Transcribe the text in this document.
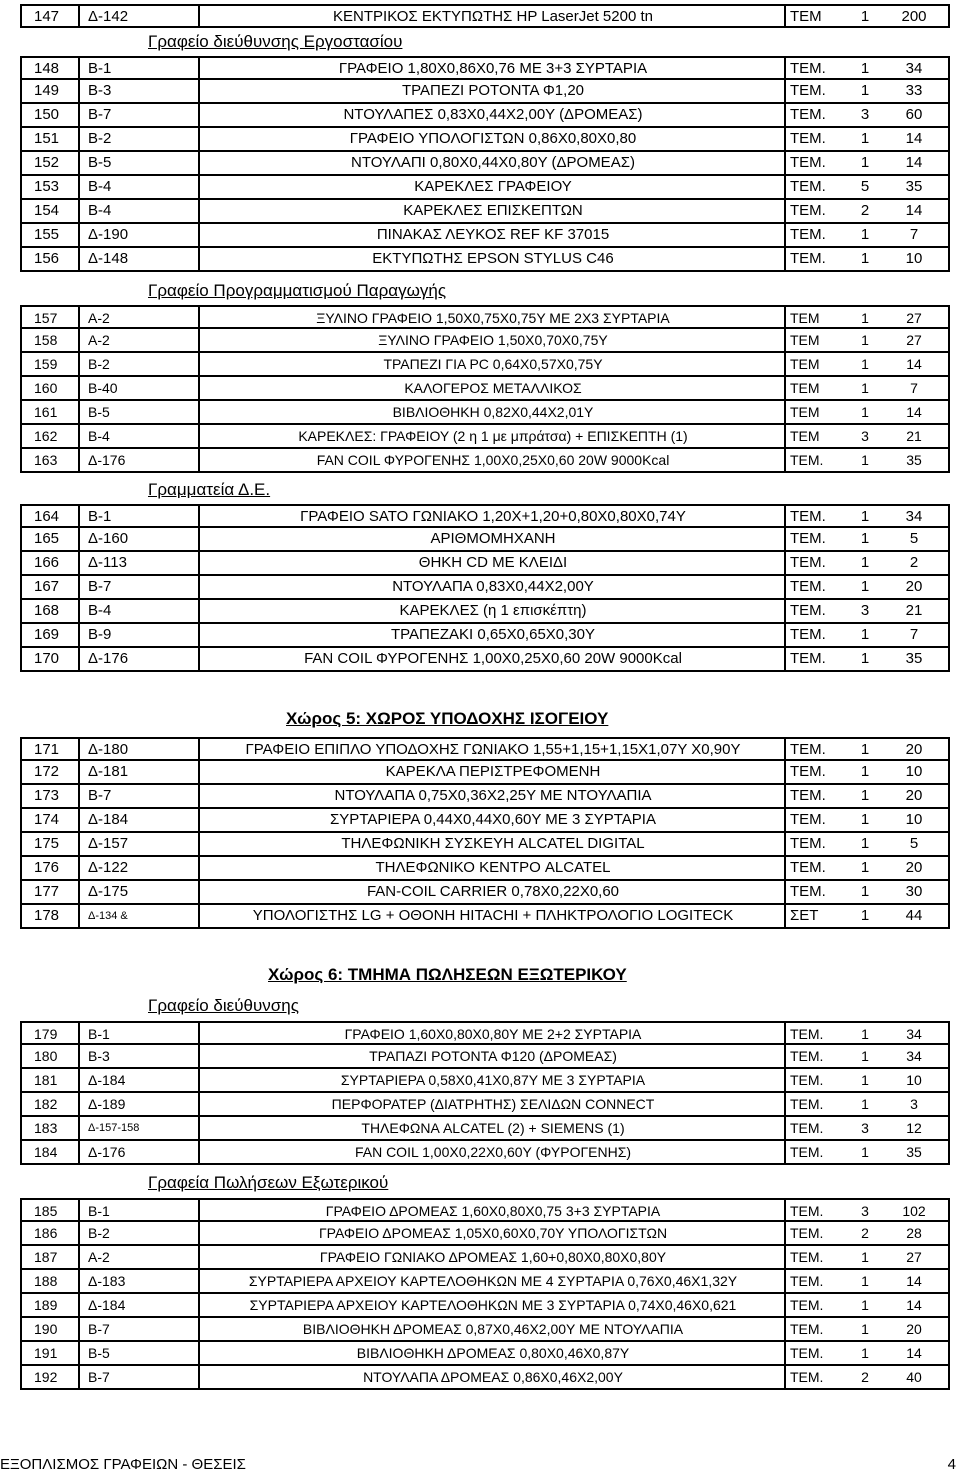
147	Δ-142	ΚΕΝΤΡΙΚΟΣ ΕΚΤΥΠΩΤΗΣ HP LaserJet 5200 tn	ΤΕΜ	1	200
Γραφείο διεύθυνσης Εργοστασίου
148	Β-1	ΓΡΑΦΕΙΟ 1,80Χ0,86Χ0,76 ΜΕ 3+3 ΣΥΡΤΑΡΙΑ	ΤΕΜ.	1	34
149	Β-3	ΤΡΑΠΕΖΙ ΡΟΤΟΝΤΑ Φ1,20	ΤΕΜ.	1	33
150	Β-7	ΝΤΟΥΛΑΠΕΣ 0,83Χ0,44Χ2,00Υ (ΔΡΟΜΕΑΣ)	ΤΕΜ.	3	60
151	Β-2	ΓΡΑΦΕΙΟ ΥΠΟΛΟΓΙΣΤΩΝ 0,86Χ0,80Χ0,80	ΤΕΜ.	1	14
152	Β-5	ΝΤΟΥΛΑΠΙ 0,80Χ0,44Χ0,80Υ (ΔΡΟΜΕΑΣ)	ΤΕΜ.	1	14
153	Β-4	ΚΑΡΕΚΛΕΣ ΓΡΑΦΕΙΟΥ	ΤΕΜ.	5	35
154	Β-4	ΚΑΡΕΚΛΕΣ ΕΠΙΣΚΕΠΤΩΝ	ΤΕΜ.	2	14
155	Δ-190	ΠΙΝΑΚΑΣ ΛΕΥΚΟΣ REF KF 37015	ΤΕΜ.	1	7
156	Δ-148	ΕΚΤΥΠΩΤΗΣ EPSON STYLUS C46	ΤΕΜ.	1	10
Γραφείο Προγραμματισμού Παραγωγής
157	Α-2	ΞΥΛΙΝΟ ΓΡΑΦΕΙΟ 1,50Χ0,75Χ0,75Υ ΜΕ 2Χ3 ΣΥΡΤΑΡΙΑ	ΤΕΜ	1	27
158	Α-2	ΞΥΛΙΝΟ ΓΡΑΦΕΙΟ 1,50Χ0,70Χ0,75Υ	ΤΕΜ	1	27
159	Β-2	ΤΡΑΠΕΖΙ ΓΙΑ PC 0,64Χ0,57Χ0,75Υ	ΤΕΜ	1	14
160	Β-40	ΚΑΛΟΓΕΡΟΣ ΜΕΤΑΛΛΙΚΟΣ	ΤΕΜ	1	7
161	Β-5	ΒΙΒΛΙΟΘΗΚΗ 0,82Χ0,44Χ2,01Υ	ΤΕΜ	1	14
162	Β-4	ΚΑΡΕΚΛΕΣ: ΓΡΑΦΕΙΟΥ (2 η 1 με μπράτσα) + ΕΠΙΣΚΕΠΤΗ (1)	ΤΕΜ	3	21
163	Δ-176	FAN COIL ΦΥΡΟΓΕΝΗΣ 1,00Χ0,25Χ0,60 20W 9000Kcal	ΤΕΜ.	1	35
Γραμματεία Δ.Ε.
164	Β-1	ΓΡΑΦΕΙΟ SATO ΓΩΝΙΑΚΟ 1,20Χ+1,20+0,80Χ0,80Χ0,74Υ	ΤΕΜ.	1	34
165	Δ-160	ΑΡΙΘΜΟΜΗΧΑΝΗ	ΤΕΜ.	1	5
166	Δ-113	ΘΗΚΗ CD ΜΕ ΚΛΕΙΔΙ	ΤΕΜ.	1	2
167	Β-7	ΝΤΟΥΛΑΠΑ 0,83Χ0,44Χ2,00Υ	ΤΕΜ.	1	20
168	Β-4	ΚΑΡΕΚΛΕΣ (η 1 επισκέπτη)	ΤΕΜ.	3	21
169	Β-9	ΤΡΑΠΕΖΑΚΙ 0,65Χ0,65Χ0,30Υ	ΤΕΜ.	1	7
170	Δ-176	FAN COIL ΦΥΡΟΓΕΝΗΣ 1,00Χ0,25Χ0,60 20W 9000Kcal	ΤΕΜ.	1	35
Χώρος 5: ΧΩΡΟΣ ΥΠΟΔΟΧΗΣ ΙΣΟΓΕΙΟΥ
171	Δ-180	ΓΡΑΦΕΙΟ ΕΠΙΠΛΟ ΥΠΟΔΟΧΗΣ ΓΩΝΙΑΚΟ 1,55+1,15+1,15Χ1,07Υ Χ0,90Υ	ΤΕΜ.	1	20
172	Δ-181	ΚΑΡΕΚΛΑ ΠΕΡΙΣΤΡΕΦΟΜΕΝΗ	ΤΕΜ.	1	10
173	Β-7	ΝΤΟΥΛΑΠΑ 0,75Χ0,36Χ2,25Υ ΜΕ ΝΤΟΥΛΑΠΙΑ	ΤΕΜ.	1	20
174	Δ-184	ΣΥΡΤΑΡΙΕΡΑ 0,44Χ0,44Χ0,60Υ ΜΕ 3 ΣΥΡΤΑΡΙΑ	ΤΕΜ.	1	10
175	Δ-157	ΤΗΛΕΦΩΝΙΚΗ ΣΥΣΚΕΥΗ ALCATEL DIGITAL	ΤΕΜ.	1	5
176	Δ-122	ΤΗΛΕΦΩΝΙΚΟ ΚΕΝΤΡΟ ALCATEL	ΤΕΜ.	1	20
177	Δ-175	FAN-COIL CARRIER 0,78Χ0,22Χ0,60	ΤΕΜ.	1	30
178	Δ-134 &	ΥΠΟΛΟΓΙΣΤΗΣ LG + ΟΘΟΝΗ HITACHI + ΠΛΗΚΤΡΟΛΟΓΙΟ LOGITECK	ΣΕΤ	1	44
Χώρος 6: ΤΜΗΜΑ ΠΩΛΗΣΕΩΝ ΕΞΩΤΕΡΙΚΟΥ
Γραφείο διεύθυνσης
179	Β-1	ΓΡΑΦΕΙΟ 1,60Χ0,80Χ0,80Υ ΜΕ 2+2 ΣΥΡΤΑΡΙΑ	ΤΕΜ.	1	34
180	Β-3	ΤΡΑΠΑΖΙ ΡΟΤΟΝΤΑ Φ120 (ΔΡΟΜΕΑΣ)	ΤΕΜ.	1	34
181	Δ-184	ΣΥΡΤΑΡΙΕΡΑ 0,58Χ0,41Χ0,87Υ ΜΕ 3 ΣΥΡΤΑΡΙΑ	ΤΕΜ.	1	10
182	Δ-189	ΠΕΡΦΟΡΑΤΕΡ (ΔΙΑΤΡΗΤΗΣ) ΣΕΛΙΔΩΝ CONNECT	ΤΕΜ.	1	3
183	Δ-157-158	ΤΗΛΕΦΩΝΑ ALCATEL (2) + SIEMENS (1)	ΤΕΜ.	3	12
184	Δ-176	FAN COIL 1,00Χ0,22Χ0,60Υ (ΦΥΡΟΓΕΝΗΣ)	ΤΕΜ.	1	35
Γραφεία Πωλήσεων Εξωτερικού
185	Β-1	ΓΡΑΦΕΙΟ ΔΡΟΜΕΑΣ 1,60Χ0,80Χ0,75 3+3 ΣΥΡΤΑΡΙΑ	ΤΕΜ.	3	102
186	Β-2	ΓΡΑΦΕΙΟ ΔΡΟΜΕΑΣ 1,05Χ0,60Χ0,70Υ ΥΠΟΛΟΓΙΣΤΩΝ	ΤΕΜ.	2	28
187	Α-2	ΓΡΑΦΕΙΟ ΓΩΝΙΑΚΟ ΔΡΟΜΕΑΣ 1,60+0,80Χ0,80Χ0,80Υ	ΤΕΜ.	1	27
188	Δ-183	ΣΥΡΤΑΡΙΕΡΑ ΑΡΧΕΙΟΥ ΚΑΡΤΕΛΟΘΗΚΩΝ ΜΕ 4 ΣΥΡΤΑΡΙΑ 0,76Χ0,46Χ1,32Υ	ΤΕΜ.	1	14
189	Δ-184	ΣΥΡΤΑΡΙΕΡΑ ΑΡΧΕΙΟΥ ΚΑΡΤΕΛΟΘΗΚΩΝ ΜΕ 3 ΣΥΡΤΑΡΙΑ 0,74Χ0,46Χ0,621	ΤΕΜ.	1	14
190	Β-7	ΒΙΒΛΙΟΘΗΚΗ ΔΡΟΜΕΑΣ 0,87Χ0,46Χ2,00Υ ΜΕ ΝΤΟΥΛΑΠΙΑ	ΤΕΜ.	1	20
191	Β-5	ΒΙΒΛΙΟΘΗΚΗ ΔΡΟΜΕΑΣ 0,80Χ0,46Χ0,87Υ	ΤΕΜ.	1	14
192	Β-7	ΝΤΟΥΛΑΠΑ ΔΡΟΜΕΑΣ 0,86Χ0,46Χ2,00Υ	ΤΕΜ.	2	40
ΕΞΟΠΛΙΣΜΟΣ ΓΡΑΦΕΙΩΝ - ΘΕΣΕΙΣ	4
